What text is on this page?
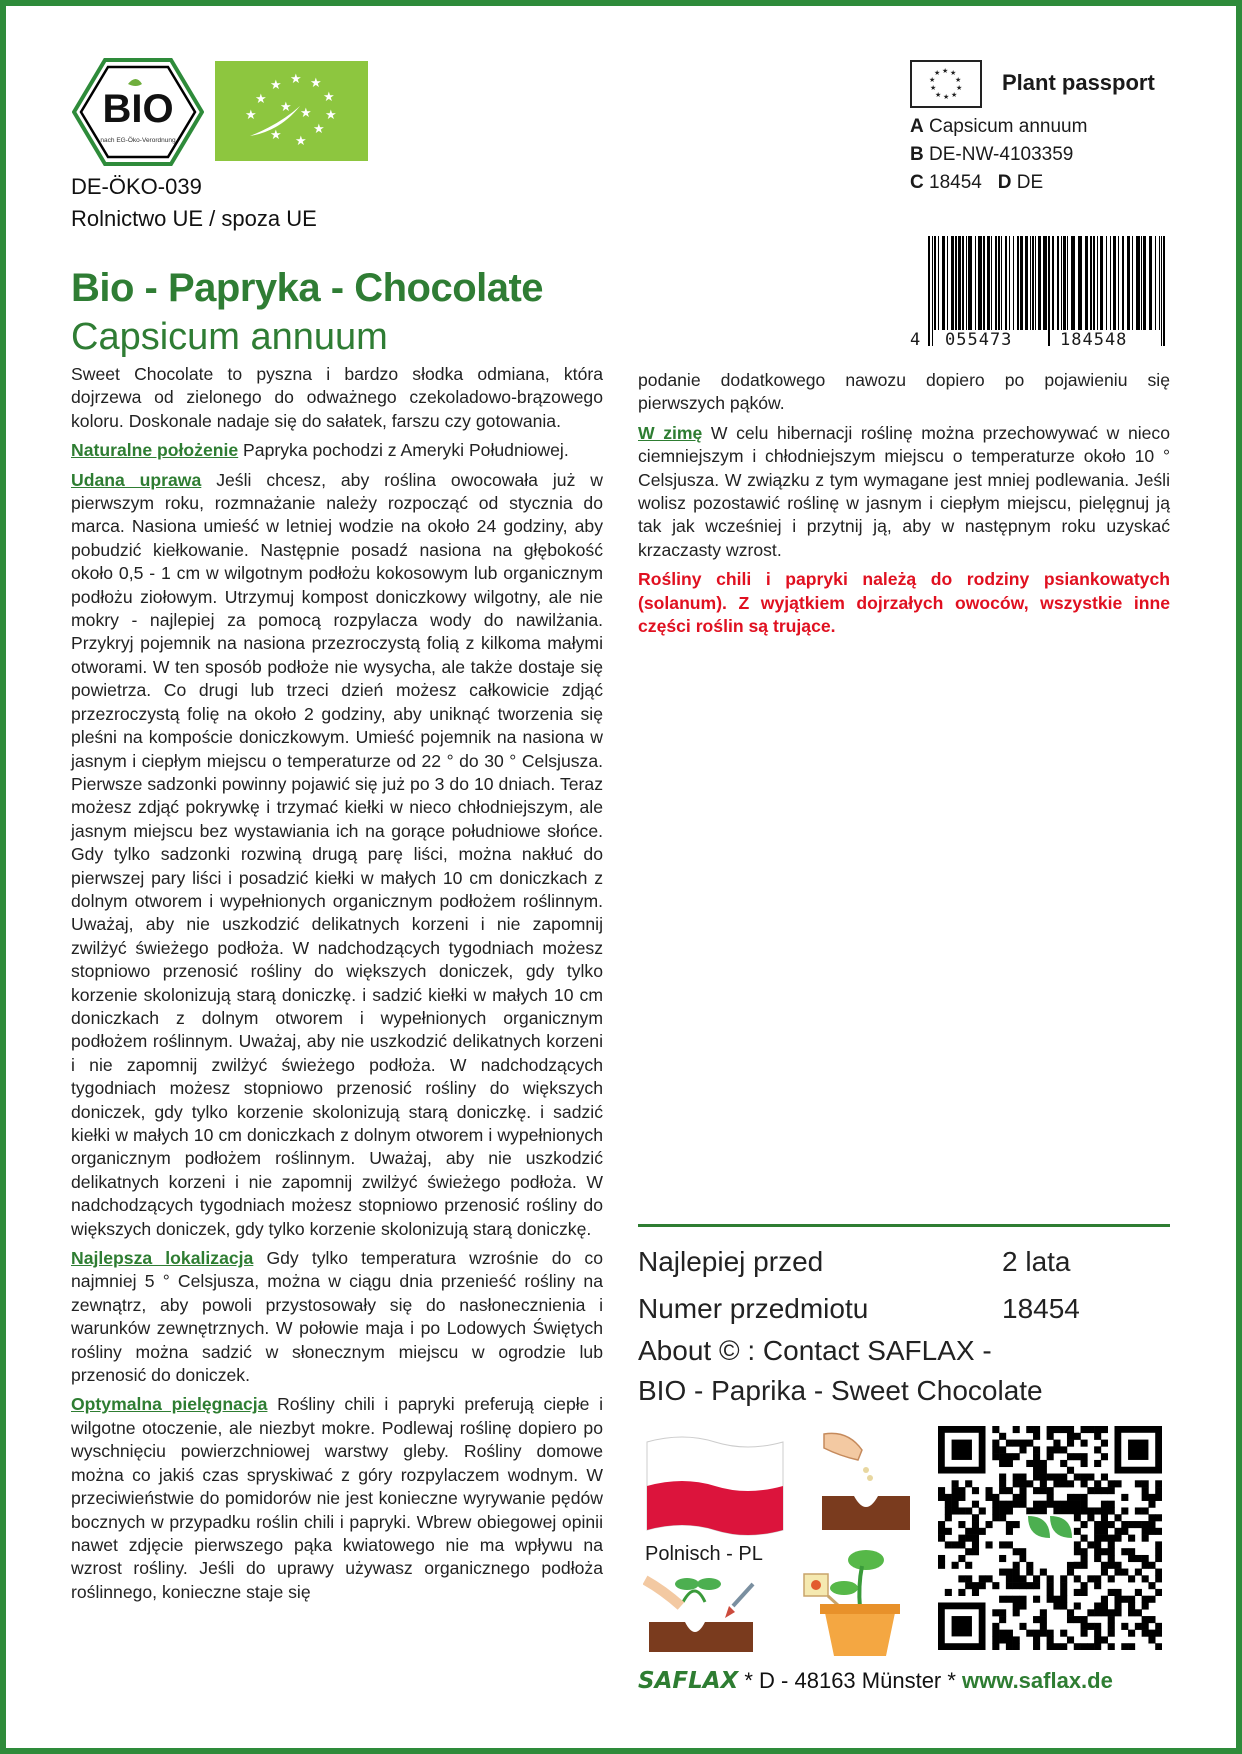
BIO
nach EG-Öko-Verordnung
★ ★ ★
★
★
★
★
★
★ ★
★ ★
DE-ÖKO-039
Rolnictwo UE / spoza UE
Bio - Papryka - Chocolate
Capsicum annuum
★ ★
★
★
★
★
★
★
★
★	Plant passport
A Capsicum annuum
B DE-NW-4103359
C 18454 D DE
4 055473	184548

Sweet Chocolate to pyszna i bardzo słodka odmiana, która dojrzewa od zielonego do odważnego czekoladowo-brązowego koloru. Doskonale nadaje się do sałatek, farszu czy gotowania.

Naturalne położenie Papryka pochodzi z Ameryki Południowej.

Udana uprawa Jeśli chcesz, aby roślina owocowała już w pierwszym roku, rozmnażanie należy rozpocząć od stycznia do marca. Nasiona umieść w letniej wodzie na około 24 godziny, aby pobudzić kiełkowanie. Następnie posadź nasiona na głębokość około 0,5 - 1 cm w wilgotnym podłożu kokosowym lub organicznym podłożu ziołowym. Utrzymuj kompost doniczkowy wilgotny, ale nie mokry - najlepiej za pomocą rozpylacza wody do nawilżania. Przykryj pojemnik na nasiona przezroczystą folią z kilkoma małymi otworami. W ten sposób podłoże nie wysycha, ale także dostaje się powietrza. Co drugi lub trzeci dzień możesz całkowicie zdjąć przezroczystą folię na około 2 godziny, aby uniknąć tworzenia się pleśni na kompoście doniczkowym. Umieść pojemnik na nasiona w jasnym i ciepłym miejscu o temperaturze od 22 ° do 30 ° Celsjusza. Pierwsze sadzonki powinny pojawić się już po 3 do 10 dniach. Teraz możesz zdjąć pokrywkę i trzymać kiełki w nieco chłodniejszym, ale jasnym miejscu bez wystawiania ich na gorące południowe słońce. Gdy tylko sadzonki rozwiną drugą parę liści, można nakłuć do pierwszej pary liści i posadzić kiełki w małych 10 cm doniczkach z dolnym otworem i wypełnionych organicznym podłożem roślinnym. Uważaj, aby nie uszkodzić delikatnych korzeni i nie zapomnij zwilżyć świeżego podłoża. W nadchodzących tygodniach możesz stopniowo przenosić rośliny do większych doniczek, gdy tylko korzenie skolonizują starą doniczkę. i sadzić kiełki w małych 10 cm doniczkach z dolnym otworem i wypełnionych organicznym podłożem roślinnym. Uważaj, aby nie uszkodzić delikatnych korzeni i nie zapomnij zwilżyć świeżego podłoża. W nadchodzących tygodniach możesz stopniowo przenosić rośliny do większych doniczek, gdy tylko korzenie skolonizują starą doniczkę. i sadzić kiełki w małych 10 cm doniczkach z dolnym otworem i wypełnionych organicznym podłożem roślinnym. Uważaj, aby nie uszkodzić delikatnych korzeni i nie zapomnij zwilżyć świeżego podłoża. W nadchodzących tygodniach możesz stopniowo przenosić rośliny do większych doniczek, gdy tylko korzenie skolonizują starą doniczkę.

Najlepsza lokalizacja Gdy tylko temperatura wzrośnie do co najmniej 5 ° Celsjusza, można w ciągu dnia przenieść rośliny na zewnątrz, aby powoli przystosowały się do nasłonecznienia i warunków zewnętrznych. W połowie maja i po Lodowych Świętych rośliny można sadzić w słonecznym miejscu w ogrodzie lub przenosić do doniczek.

Optymalna pielęgnacja Rośliny chili i papryki preferują ciepłe i wilgotne otoczenie, ale niezbyt mokre. Podlewaj roślinę dopiero po wyschnięciu powierzchniowej warstwy gleby. Rośliny domowe można co jakiś czas spryskiwać z góry rozpylaczem wodnym. W przeciwieństwie do pomidorów nie jest konieczne wyrywanie pędów bocznych w przypadku roślin chili i papryki. Wbrew obiegowej opinii nawet zdjęcie pierwszego pąka kwiatowego nie ma wpływu na wzrost rośliny. Jeśli do uprawy używasz organicznego podłoża roślinnego, konieczne staje się

podanie dodatkowego nawozu dopiero po pojawieniu się pierwszych pąków.

W zimę W celu hibernacji roślinę można przechowywać w nieco ciemniejszym i chłodniejszym miejscu o temperaturze około 10 ° Celsjusza. W związku z tym wymagane jest mniej podlewania. Jeśli wolisz pozostawić roślinę w jasnym i ciepłym miejscu, pielęgnuj ją tak jak wcześniej i przytnij ją, aby w następnym roku uzyskać krzaczasty wzrost.

Rośliny chili i papryki należą do rodziny psiankowatych (solanum). Z wyjątkiem dojrzałych owoców, wszystkie inne części roślin są trujące.

Najlepiej przed	2 lata
Numer przedmiotu	18454
About © : Contact SAFLAX -
BIO - Paprika - Sweet Chocolate
Polnisch - PL
SAFLAX * D - 48163 Münster * www.saflax.de
